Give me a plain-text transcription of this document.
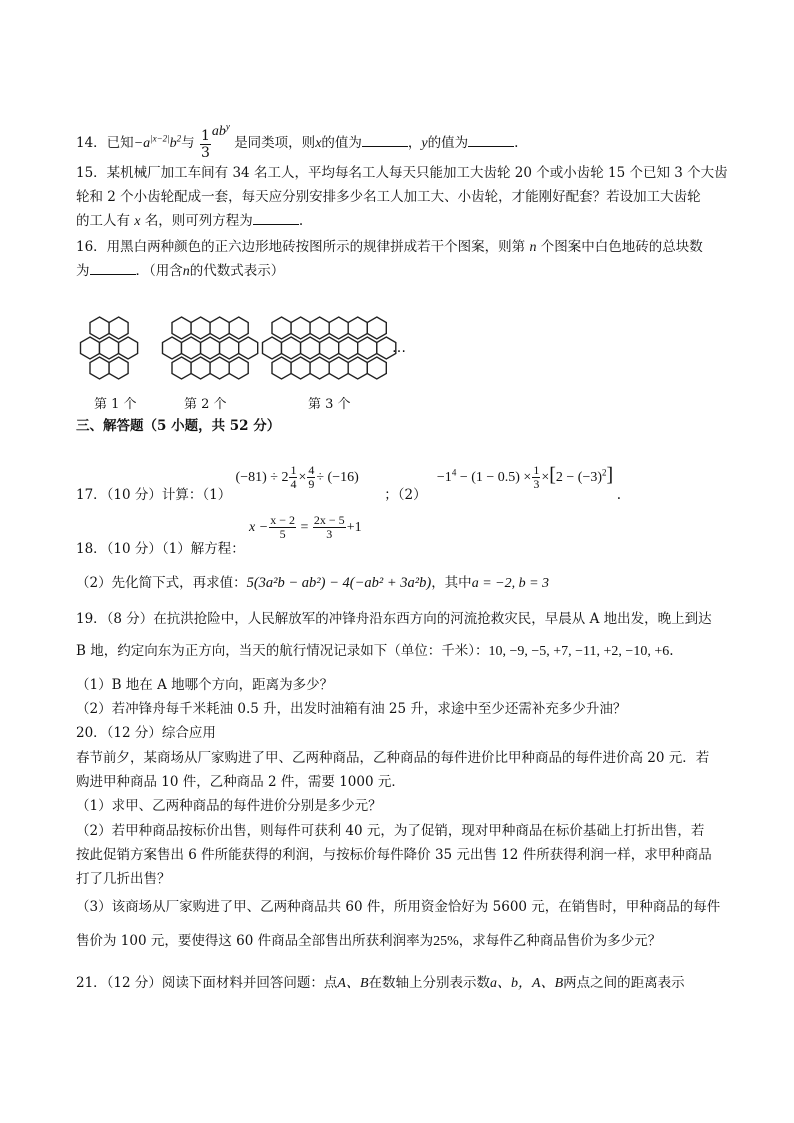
14．已知$-a^{|x-2|}b^2$与 $\frac{1}{3} ab^y$ 是同类项，则x的值为	，y的值为	.
15．某机械厂加工车间有 34 名工人，平均每名工人每天只能加工大齿轮 20 个或小齿轮 15 个已知 3 个大齿
轮和 2 个小齿轮配成一套，每天应分别安排多少名工人加工大、小齿轮，才能刚好配套？若设加工大齿轮
的工人有 x 名，则可列方程为	.
16．用黑白两种颜色的正六边形地砖按图所示的规律拼成若干个图案，则第 n 个图案中白色地砖的总块数
为	．（用含n的代数式表示）
…
第 1 个	第 2 个	第 3 个
三、解答题（5 小题，共 52 分）
17．（10 分）计算：（1） $(-81) \div 2 \frac{1}{4} \times \frac{4}{9} \div (-16)$ ；$(2) -1^4 - (1 - 0.5) \times \frac{1}{3} \times[2 - (-3)^2]$ .
18．（10 分）（1）解方程： $x - \frac{x - 2}{5} = \frac{2x - 5}{3} +1$
（2）先化简下式，再求值：5(3a²b − ab²) − 4(−ab² + 3a²b)，其中a = −2, b = 3
19．（8 分）在抗洪抢险中，人民解放军的冲锋舟沿东西方向的河流抢救灾民，早晨从 A 地出发，晚上到达
B 地，约定向东为正方向，当天的航行情况记录如下（单位：千米）：10, −9, −5, +7, −11, +2, −10, +6.
（1）B 地在 A 地哪个方向，距离为多少？
（2）若冲锋舟每千米耗油 0.5 升，出发时油箱有油 25 升，求途中至少还需补充多少升油？
20．（12 分）综合应用
春节前夕，某商场从厂家购进了甲、乙两种商品，乙种商品的每件进价比甲种商品的每件进价高 20 元．若
购进甲种商品 10 件，乙种商品 2 件，需要 1000 元．
（1）求甲、乙两种商品的每件进价分别是多少元？
（2）若甲种商品按标价出售，则每件可获利 40 元，为了促销，现对甲种商品在标价基础上打折出售，若
按此促销方案售出 6 件所能获得的利润，与按标价每件降价 35 元出售 12 件所获得利润一样，求甲种商品
打了几折出售？
（3）该商场从厂家购进了甲、乙两种商品共 60 件，所用资金恰好为 5600 元，在销售时，甲种商品的每件
售价为 100 元，要使得这 60 件商品全部售出所获利润率为25%，求每件乙种商品售价为多少元？
21．（12 分）阅读下面材料并回答问题：点A、B在数轴上分别表示数a、b，A、B两点之间的距离表示
